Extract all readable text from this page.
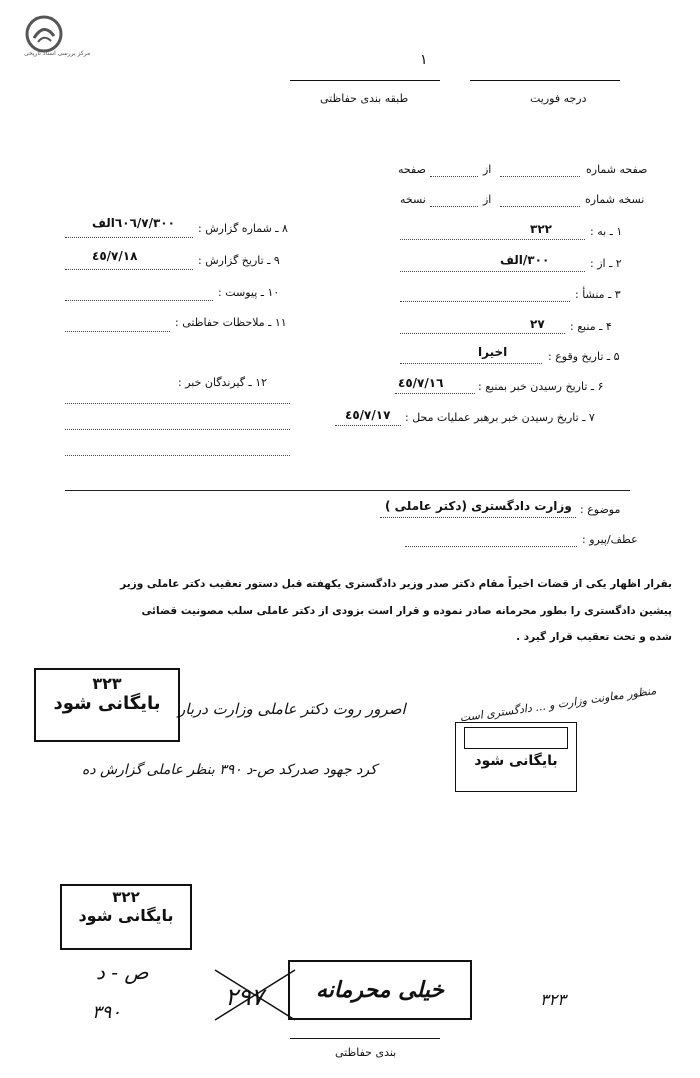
مرکز بررسی اسناد تاریخی	١
درجه فوریت
طبقه بندی حفاظتی
صفحه شماره
از
صفحه
نسخه شماره
از
نسخه
۱ ـ به :
٣٢٢
۲ ـ از :
٣٠٠/الف
۳ ـ منشأ :
۴ ـ منبع :
٢٧
۵ ـ تاریخ وقوع :
اخیرا
۶ ـ تاریخ رسیدن خبر بمنبع :
٤٥/٧/١٦
۷ ـ تاریخ رسیدن خبر برهبر عملیات محل :
٤٥/٧/١٧
۸ ـ شماره گزارش :
٦٠٦/٧/٣٠٠الف
۹ ـ تاریخ گزارش :
٤٥/٧/١٨
۱۰ ـ پیوست :
۱۱ ـ ملاحظات حفاظتی :
۱۲ ـ گیرندگان خبر :
موضوع :
وزارت دادگستری (دکتر عاملی )
عطف/پیرو :
بقرار اظهار یکی از قضات اخیراً مقام دکتر صدر وزیر دادگستری یکهفته قبل دستور تعقیب دکتر عاملی وزیر
پیشین دادگستری را بطور محرمانه صادر نموده و قرار است بزودی از دکتر عاملی سلب مصونیت قضائی
شده و تحت تعقیب قرار گیرد .
٣٢٣
بایگانی شود	اصرور روت دکتر عاملی وزارت دربار
کرد جهود صدرکد ص-د ۳۹۰ بنظر عاملی گزارش ده
منظور معاونت وزارت و ... دادگستری است
بایگانی شود
٣٢٢
بایگانی شود
ص - د
۳۹۰
٢٩٧	خیلی محرمانه	٣٢٣
بندی حفاظتی
